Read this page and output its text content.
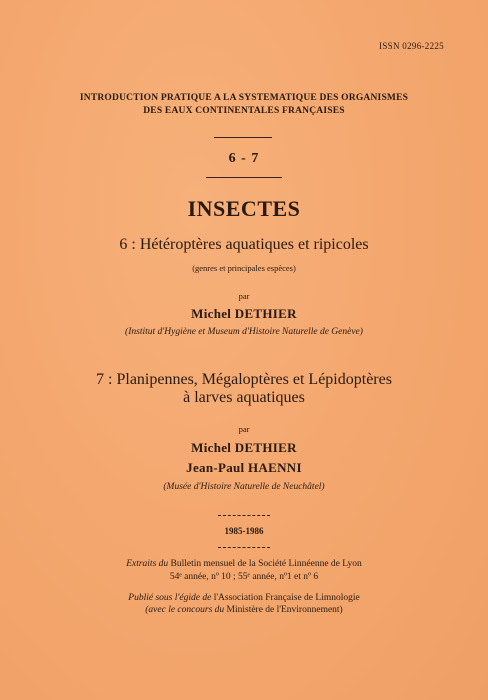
ISSN 0296-2225
INTRODUCTION PRATIQUE A LA SYSTEMATIQUE DES ORGANISMES
DES EAUX CONTINENTALES FRANÇAISES
6 - 7
INSECTES
6 : Hétéroptères aquatiques et ripicoles
(genres et principales espèces)
par
Michel DETHIER
(Institut d'Hygiène et Museum d'Histoire Naturelle de Genève)
7 : Planipennes, Mégaloptères et Lépidoptères
à larves aquatiques
par
Michel DETHIER
Jean-Paul HAENNI
(Musée d'Histoire Naturelle de Neuchâtel)
1985-1986
Extraits du Bulletin mensuel de la Société Linnéenne de Lyon
54ᵉ année, nº 10 ; 55ᵉ année, nº1 et nº 6
Publié sous l'égide de l'Association Française de Limnologie
(avec le concours du Ministère de l'Environnement)
